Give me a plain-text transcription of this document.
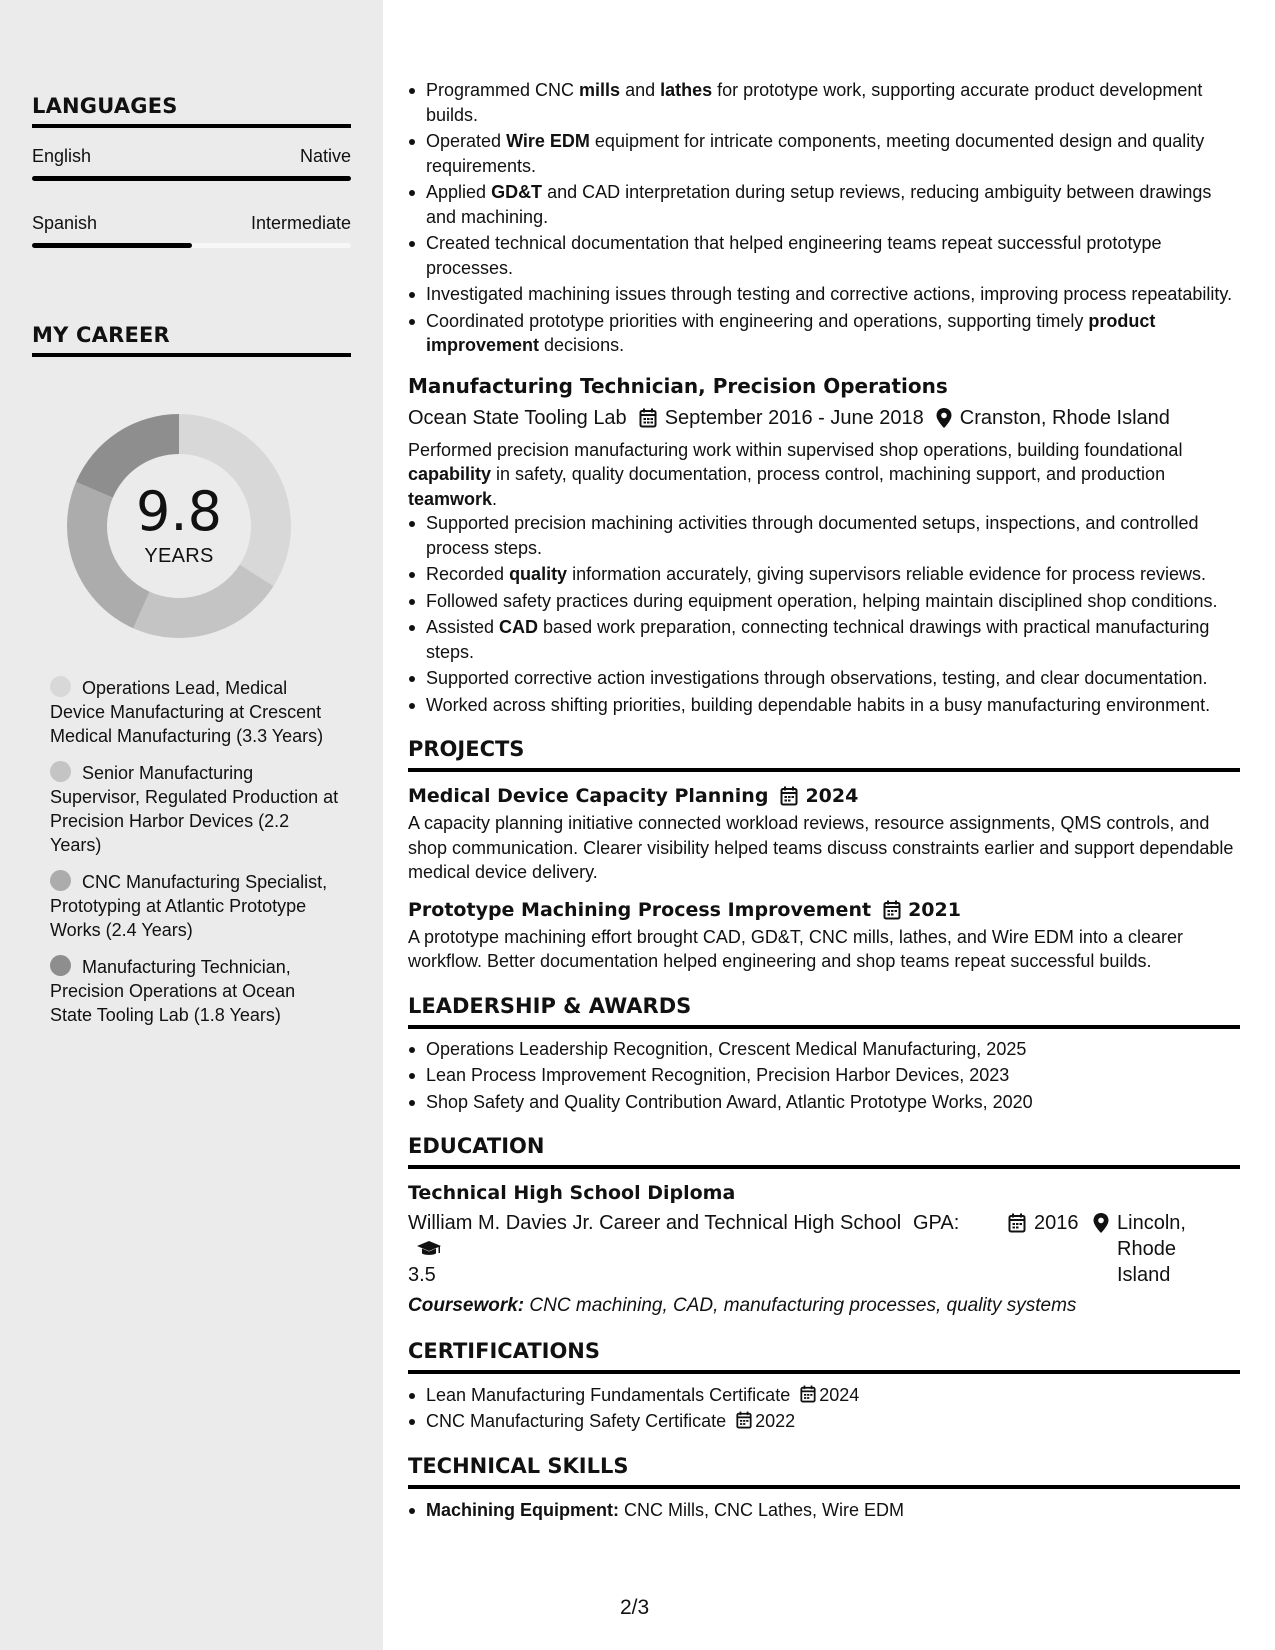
LANGUAGES
English	Native
Spanish	Intermediate
MY CAREER
9.8
YEARS
Operations Lead, Medical Device Manufacturing at Crescent Medical Manufacturing (3.3 Years)
Senior Manufacturing Supervisor, Regulated Production at Precision Harbor Devices (2.2 Years)
CNC Manufacturing Specialist, Prototyping at Atlantic Prototype Works (2.4 Years)
Manufacturing Technician, Precision Operations at Ocean State Tooling Lab (1.8 Years)
Programmed CNC mills and lathes for prototype work, supporting accurate product development builds.
Operated Wire EDM equipment for intricate components, meeting documented design and quality requirements.
Applied GD&T and CAD interpretation during setup reviews, reducing ambiguity between drawings and machining.
Created technical documentation that helped engineering teams repeat successful prototype processes.
Investigated machining issues through testing and corrective actions, improving process repeatability.
Coordinated prototype priorities with engineering and operations, supporting timely product improvement decisions.
Manufacturing Technician, Precision Operations
Ocean State Tooling Lab September 2016 - June 2018 Cranston, Rhode Island
Performed precision manufacturing work within supervised shop operations, building foundational capability in safety, quality documentation, process control, machining support, and production teamwork.
Supported precision machining activities through documented setups, inspections, and controlled process steps.
Recorded quality information accurately, giving supervisors reliable evidence for process reviews.
Followed safety practices during equipment operation, helping maintain disciplined shop conditions.
Assisted CAD based work preparation, connecting technical drawings with practical manufacturing steps.
Supported corrective action investigations through observations, testing, and clear documentation.
Worked across shifting priorities, building dependable habits in a busy manufacturing environment.
PROJECTS
Medical Device Capacity Planning 2024
A capacity planning initiative connected workload reviews, resource assignments, QMS controls, and shop communication. Clearer visibility helped teams discuss constraints earlier and support dependable medical device delivery.
Prototype Machining Process Improvement 2021
A prototype machining effort brought CAD, GD&T, CNC mills, lathes, and Wire EDM into a clearer workflow. Better documentation helped engineering and shop teams repeat successful builds.
LEADERSHIP & AWARDS
Operations Leadership Recognition, Crescent Medical Manufacturing, 2025
Lean Process Improvement Recognition, Precision Harbor Devices, 2023
Shop Safety and Quality Contribution Award, Atlantic Prototype Works, 2020
EDUCATION
Technical High School Diploma
William M. Davies Jr. Career and Technical High School
3.5
GPA:	2016 Lincoln,
Rhode Island
Coursework: CNC machining, CAD, manufacturing processes, quality systems
CERTIFICATIONS
Lean Manufacturing Fundamentals Certificate 2024
CNC Manufacturing Safety Certificate 2022
TECHNICAL SKILLS
Machining Equipment: CNC Mills, CNC Lathes, Wire EDM
2/3
